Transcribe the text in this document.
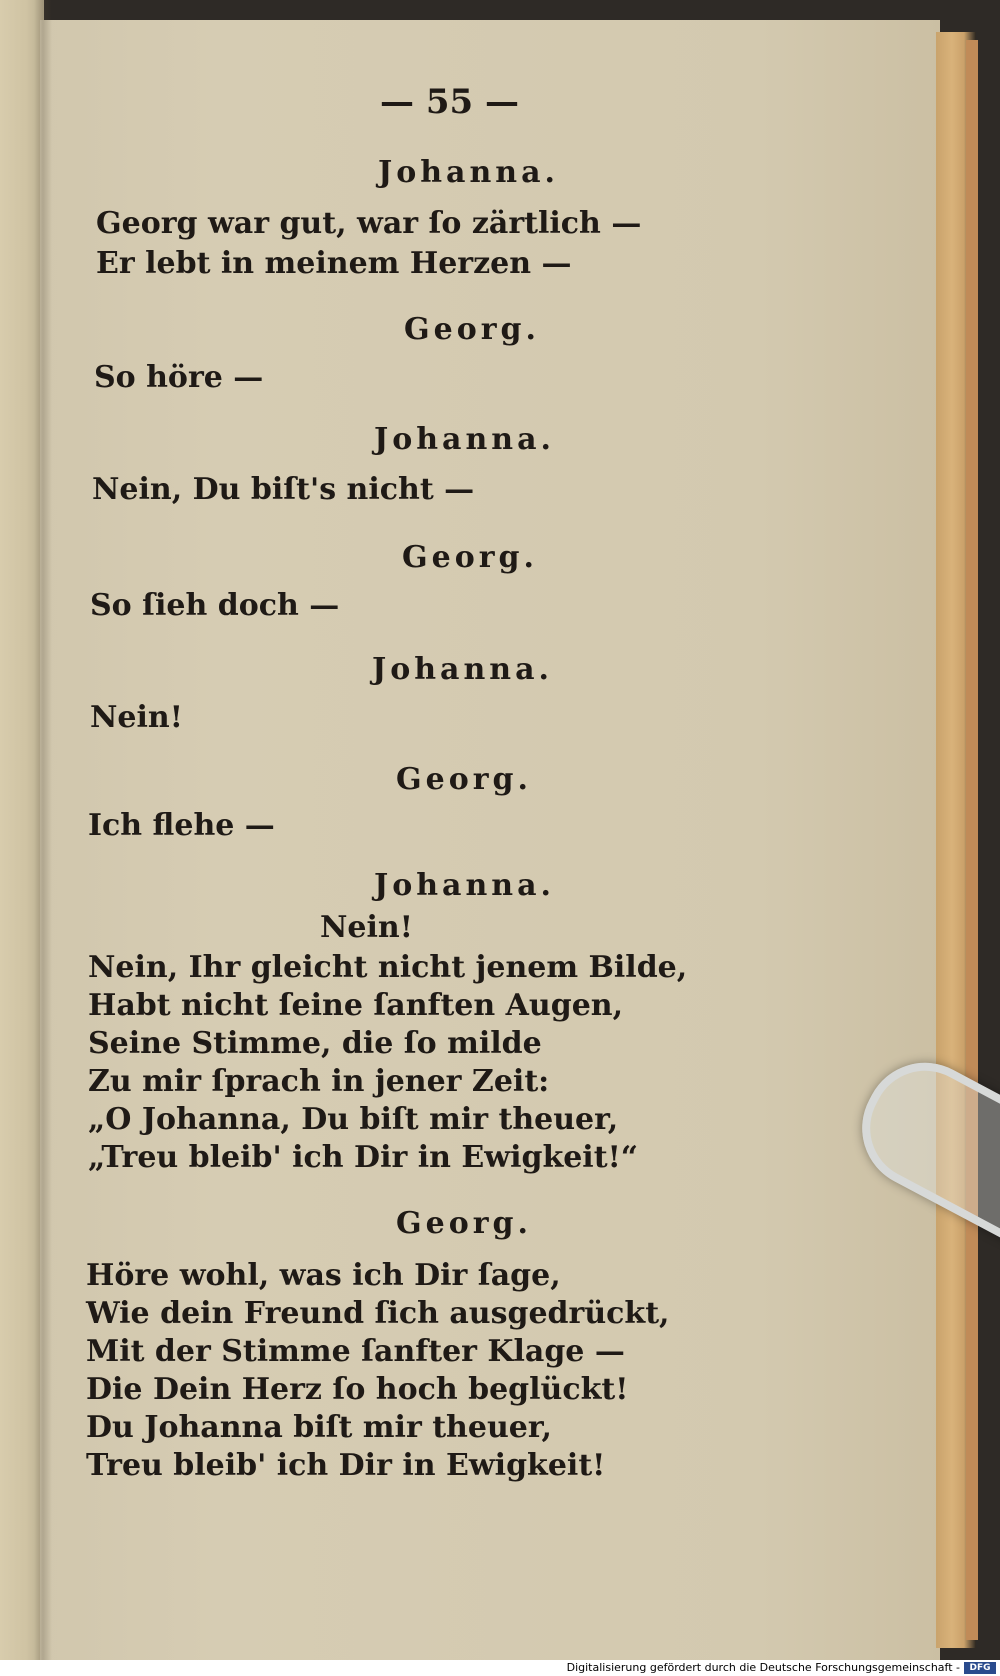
— 55 —
Johanna.
Georg war gut, war ſo zärtlich —
Er lebt in meinem Herzen —
Georg.
So höre —
Johanna.
Nein, Du biſt's nicht —
Georg.
So ſieh doch —
Johanna.
Nein!
Georg.
Ich flehe —
Johanna.
Nein!
Nein, Ihr gleicht nicht jenem Bilde,
Habt nicht ſeine ſanften Augen,
Seine Stimme, die ſo milde
Zu mir ſprach in jener Zeit:
„O Johanna, Du biſt mir theuer,
„Treu bleib' ich Dir in Ewigkeit!“
Georg.
Höre wohl, was ich Dir ſage,
Wie dein Freund ſich ausgedrückt,
Mit der Stimme ſanfter Klage —
Die Dein Herz ſo hoch beglückt!
Du Johanna biſt mir theuer,
Treu bleib' ich Dir in Ewigkeit!
Digitalisierung gefördert durch die Deutsche Forschungsgemeinschaft -	DFG
